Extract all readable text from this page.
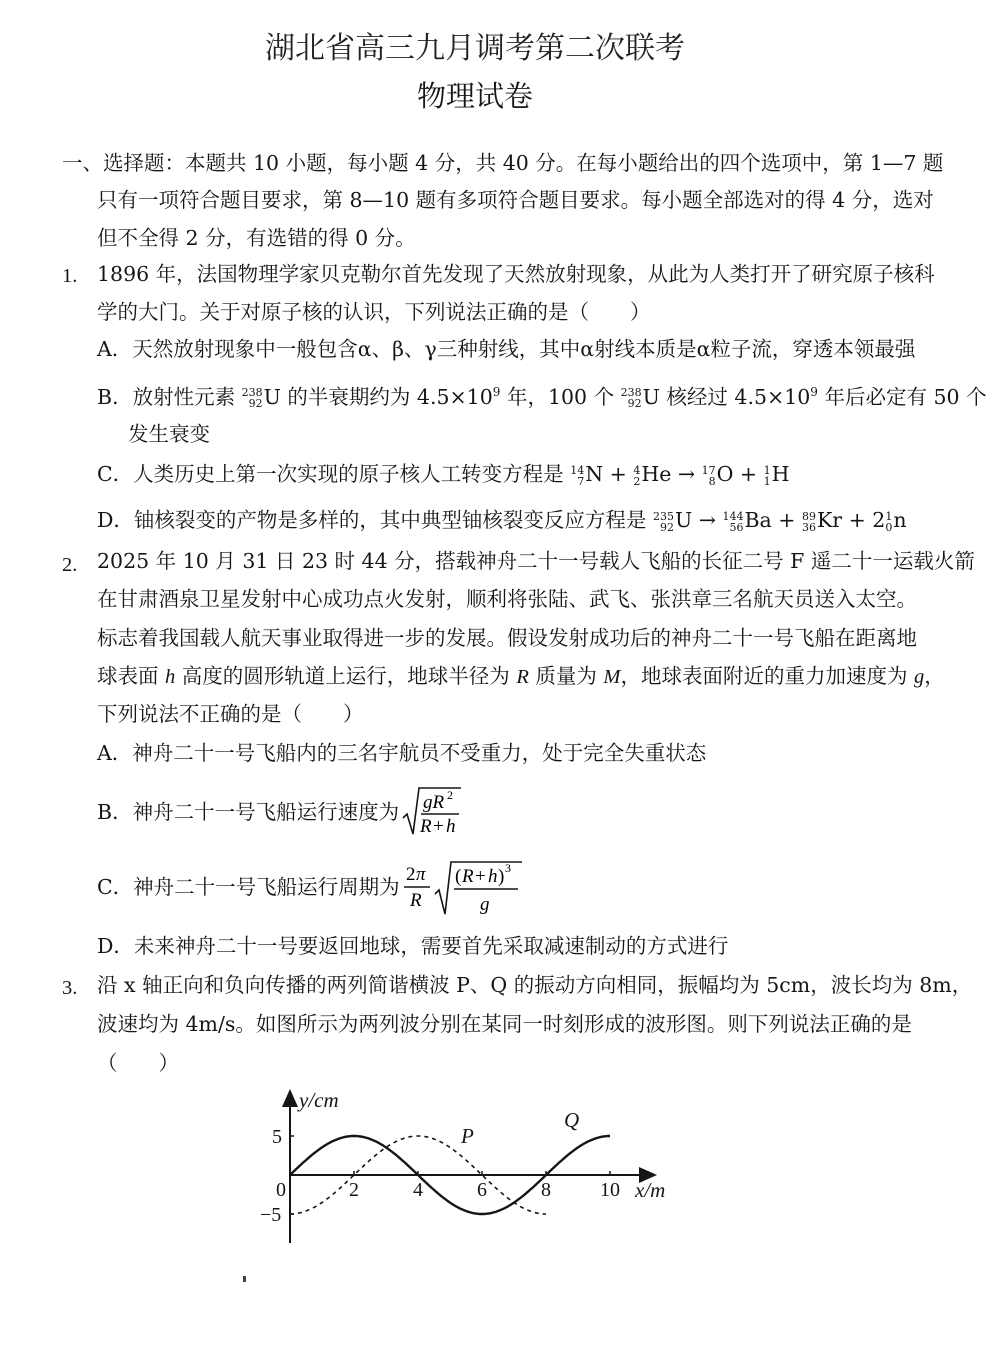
湖北省高三九月调考第二次联考
物理试卷
一、选择题：本题共 10 小题，每小题 4 分，共 40 分。在每小题给出的四个选项中，第 1—7 题
只有一项符合题目要求，第 8—10 题有多项符合题目要求。每小题全部选对的得 4 分，选对
但不全得 2 分，有选错的得 0 分。
1. 1896 年，法国物理学家贝克勒尔首先发现了天然放射现象，从此为人类打开了研究原子核科
学的大门。关于对原子核的认识，下列说法正确的是（　　）
A．天然放射现象中一般包含α、β、γ三种射线，其中α射线本质是α粒子流，穿透本领最强
B．放射性元素 238
92 U 的半衰期约为 $4.5\times 10^9$ 年，100 个 238
92 U 核经过 $4.5\times 10^9$ 年后必定有 50 个
发生衰变
C．人类历史上第一次实现的原子核人工转变方程是 14
7 N + 4
2 He → 17
8 O + 1
1 H
D．铀核裂变的产物是多样的，其中典型铀核裂变反应方程是 235
92 U → 144
56 Ba + 89
36 Kr + 2 1
0 n
2. 2025 年 10 月 31 日 23 时 44 分，搭载神舟二十一号载人飞船的长征二号 F 遥二十一运载火箭
在甘肃酒泉卫星发射中心成功点火发射，顺利将张陆、武飞、张洪章三名航天员送入太空。
标志着我国载人航天事业取得进一步的发展。假设发射成功后的神舟二十一号飞船在距离地
球表面 h 高度的圆形轨道上运行，地球半径为 R 质量为 M，地球表面附近的重力加速度为 g，
下列说法不正确的是（　　）
A．神舟二十一号飞船内的三名宇航员不受重力，处于完全失重状态
B．神舟二十一号飞船运行速度为 gR 2
R + h
C．神舟二十一号飞船运行周期为
2 π
R
( R + h ) 3
g
D．未来神舟二十一号要返回地球，需要首先采取减速制动的方式进行
3. 沿 x 轴正向和负向传播的两列简谐横波 P、Q 的振动方向相同，振幅均为 5cm，波长均为 8m，
波速均为 4m/s。如图所示为两列波分别在某同一时刻形成的波形图。则下列说法正确的是
（　　）
y/cm
x/m
0	2	4	6	8 10
5
−5
P
Q
